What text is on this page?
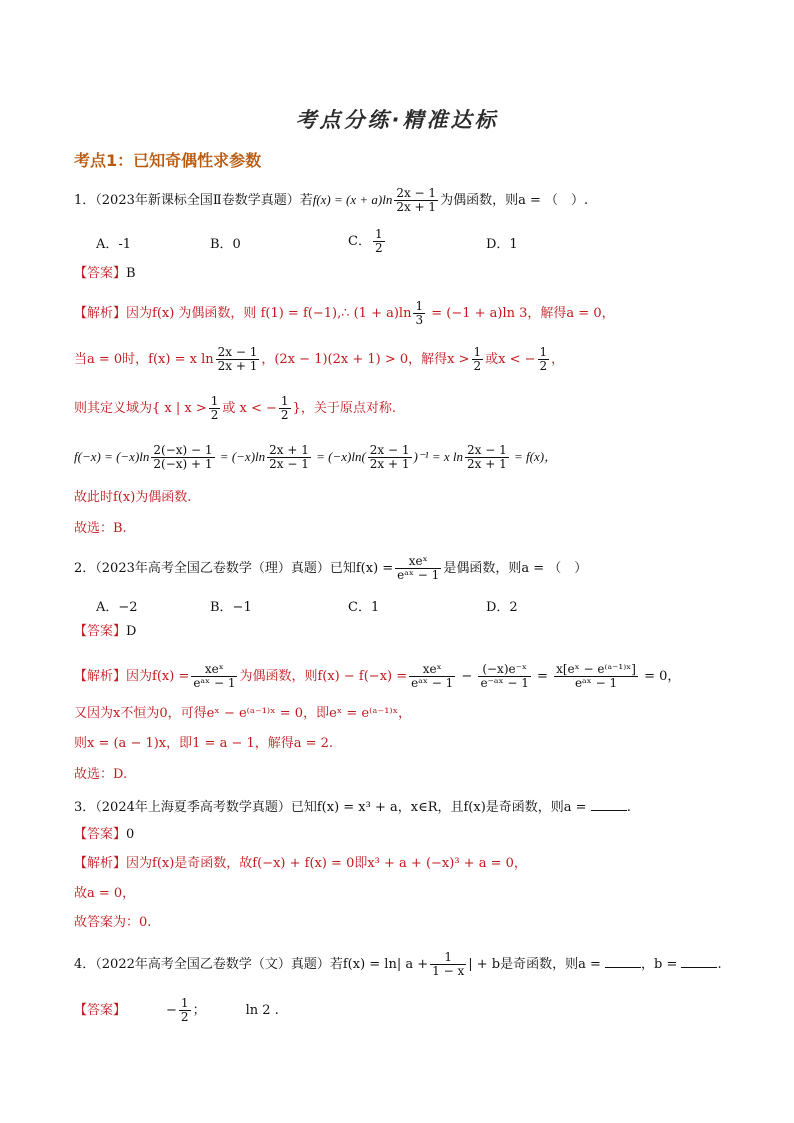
考点分练·精准达标
考点1：已知奇偶性求参数
1．（2023年新课标全国Ⅱ卷数学真题）若$f(x) = (x + a)\ln \frac{2x - 1}{2x + 1}$ 为偶函数，则a = （　）.
A．-1	B．0	C． $\frac{1}{2}$	D．1
【答案】B
【解析】因为f(x) 为偶函数，则 f(1) = f(−1),∴ $(1 + a)\ln \frac{1}{3} = (-1 + a)\ln$ 3，解得a = 0，
当a = 0时，f(x) = x $\ln \frac{2x - 1}{2x + 1}$ ，(2x − 1)(2x + 1) > 0，解得$x > \frac{1}{2}$ 或x < − $\frac{1}{2}$ ，
则其定义域为{ x | $x > \frac{1}{2}$ 或 x < − $\frac{1}{2}$ }，关于原点对称.
$f(-x) = (-x)\ln \frac{2(-x) - 1}{2(-x) + 1} = (-x)\ln \frac{2x + 1}{2x - 1} = (-x)\ln( \frac{2x - 1}{2x + 1} )^{-1} = x$ $\ln \frac{2x - 1}{2x + 1} = f(x)$，
故此时f(x)为偶函数.
故选：B.
2．（2023年高考全国乙卷数学（理）真题）已知$f(x) = \frac{\text{xeˣ}}{\text{eᵃˣ − 1}}$ 是偶函数，则a = （　）
A．−2	B．−1	C．1	D．2
【答案】D
【解析】因为$f(x) = \frac{\text{xeˣ}}{\text{eᵃˣ − 1}}$ 为偶函数，则$f(x) - f(-x) = \frac{\text{xeˣ}}{\text{eᵃˣ − 1}} - \frac{\text{(−x)e⁻ˣ}}{\text{e⁻ᵃˣ − 1}} = \frac{\text{x[eˣ − e⁽ᵃ⁻¹⁾ˣ]}}{\text{eᵃˣ − 1}} = 0$，
又因为x不恒为0，可得eˣ − e⁽ᵃ⁻¹⁾ˣ = 0，即eˣ = e⁽ᵃ⁻¹⁾ˣ，
则x = (a − 1)x，即1 = a − 1，解得a = 2.
故选：D.
3．（2024年上海夏季高考数学真题）已知f(x) = x³ + a，x∈R，且f(x)是奇函数，则a =	.
【答案】0
【解析】因为f(x)是奇函数，故f(−x) + f(x) = 0即x³ + a + (−x)³ + a = 0，
故a = 0，
故答案为：0.
4．（2022年高考全国乙卷数学（文）真题）若f(x) = ln| $a + \frac{1}{1 - x}$ | + b是奇函数，则a =	，b =	.
【答案】	− $\frac{1}{2}$ ；	ln 2 .
